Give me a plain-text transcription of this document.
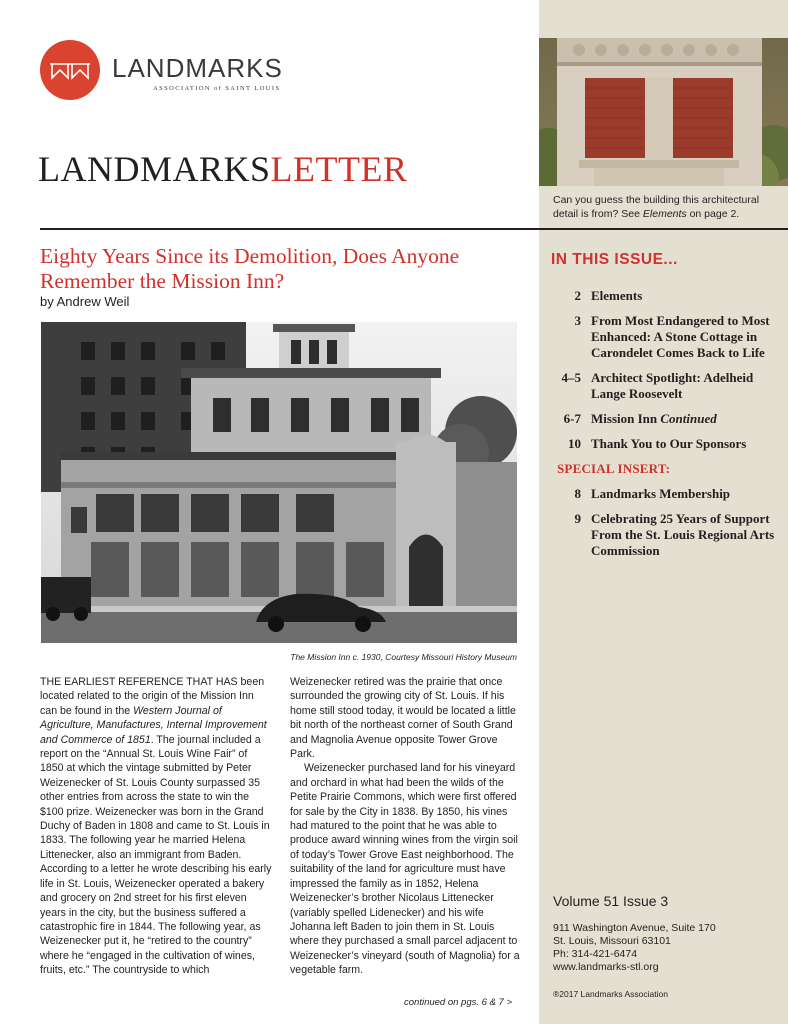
Can you guess the building this architectural detail is from? See Elements on page 2.
IN THIS ISSUE...
2 Elements
3 From Most Endangered to Most Enhanced: A Stone Cottage in Carondelet Comes Back to Life
4–5 Architect Spotlight: Adelheid Lange Roosevelt
6-7 Mission Inn Continued
10 Thank You to Our Sponsors
SPECIAL INSERT:
8 Landmarks Membership
9 Celebrating 25 Years of Support From the St. Louis Regional Arts Commission
Volume 51 Issue 3
911 Washington Avenue, Suite 170
St. Louis, Missouri 63101
Ph: 314-421-6474
www.landmarks-stl.org
®2017 Landmarks Association
LANDMARKS
ASSOCIATION of SAINT LOUIS
LANDMARKSLETTER
Eighty Years Since its Demolition, Does Anyone Remember the Mission Inn?
by Andrew Weil
The Mission Inn c. 1930, Courtesy Missouri History Museum

THE EARLIEST REFERENCE THAT HAS been located related to the origin of the Mission Inn can be found in the Western Journal of Agriculture, Manufactures, Internal Improvement and Commerce of 1851. The journal included a report on the “Annual St. Louis Wine Fair” of 1850 at which the vintage submitted by Peter Weizenecker of St. Louis County surpassed 35 other entries from across the state to win the $100 prize. Weizenecker was born in the Grand Duchy of Baden in 1808 and came to St. Louis in 1833. The following year he married Helena Littenecker, also an immigrant from Baden. According to a letter he wrote describing his early life in St. Louis, Weizenecker operated a bakery and grocery on 2nd street for his first eleven years in the city, but the business suffered a catastrophic fire in 1844. The following year, as Weizenecker put it, he “retired to the country” where he “engaged in the cultivation of wines, fruits, etc.” The countryside to which

Weizenecker retired was the prairie that once surrounded the growing city of St. Louis. If his home still stood today, it would be located a little bit north of the northeast corner of South Grand and Magnolia Avenue opposite Tower Grove Park.

Weizenecker purchased land for his vineyard and orchard in what had been the wilds of the Petite Prairie Commons, which were first offered for sale by the City in 1838. By 1850, his vines had matured to the point that he was able to produce award winning wines from the virgin soil of today’s Tower Grove East neighborhood. The suitability of the land for agriculture must have impressed the family as in 1852, Helena Weizenecker’s brother Nicolaus Littenecker (variably spelled Lidenecker) and his wife Johanna left Baden to join them in St. Louis where they purchased a small parcel adjacent to Weizenecker’s vineyard (south of Magnolia) for a vegetable farm.

continued on pgs. 6 & 7 >
